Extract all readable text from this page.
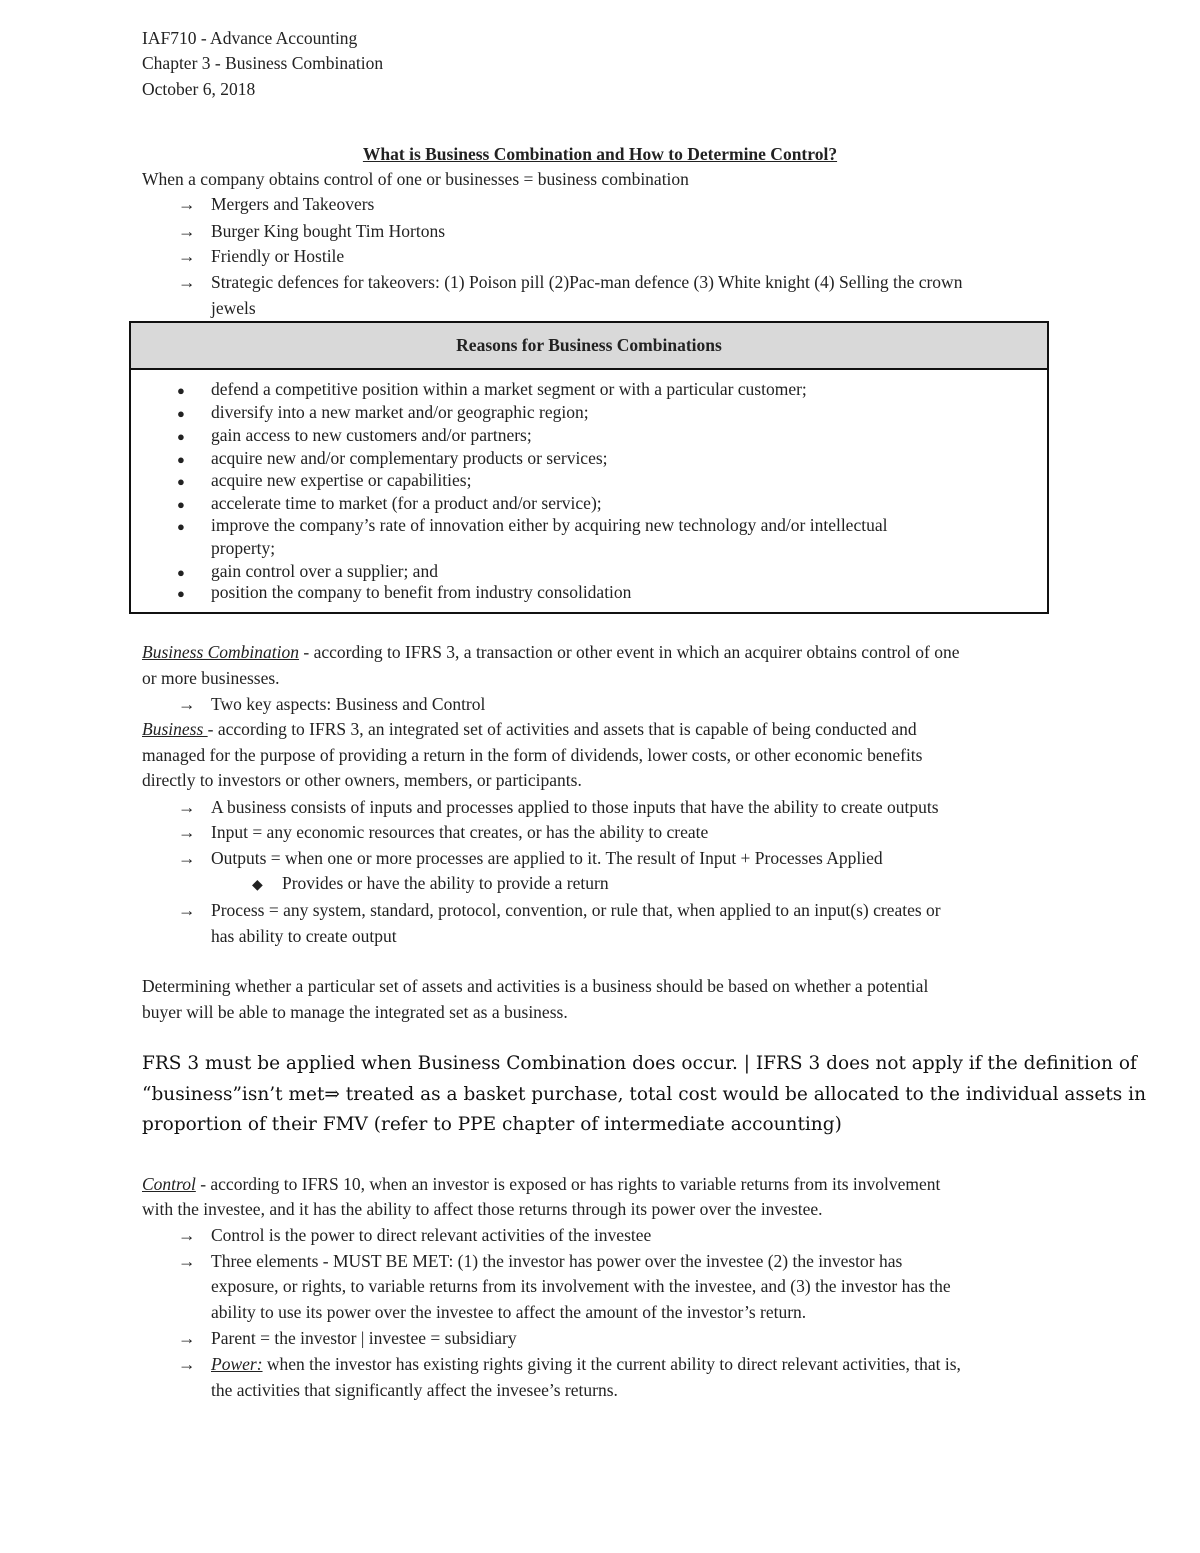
IAF710 - Advance Accounting
Chapter 3 - Business Combination
October 6, 2018
What is Business Combination and How to Determine Control?
When a company obtains control of one or businesses = business combination
→ Mergers and Takeovers
→ Burger King bought Tim Hortons
→ Friendly or Hostile
→ Strategic defences for takeovers: (1) Poison pill (2)Pac-man defence (3) White knight (4) Selling the crown
jewels
Reasons for Business Combinations
● defend a competitive position within a market segment or with a particular customer;
● diversify into a new market and/or geographic region;
● gain access to new customers and/or partners;
● acquire new and/or complementary products or services;
● acquire new expertise or capabilities;
● accelerate time to market (for a product and/or service);
● improve the company’s rate of innovation either by acquiring new technology and/or intellectual
property;
● gain control over a supplier; and
● position the company to benefit from industry consolidation
Business Combination - according to IFRS 3, a transaction or other event in which an acquirer obtains control of one
or more businesses.
→ Two key aspects: Business and Control
Business - according to IFRS 3, an integrated set of activities and assets that is capable of being conducted and
managed for the purpose of providing a return in the form of dividends, lower costs, or other economic benefits
directly to investors or other owners, members, or participants.
→ A business consists of inputs and processes applied to those inputs that have the ability to create outputs
→ Input = any economic resources that creates, or has the ability to create
→ Outputs = when one or more processes are applied to it. The result of Input + Processes Applied
◆ Provides or have the ability to provide a return
→ Process = any system, standard, protocol, convention, or rule that, when applied to an input(s) creates or
has ability to create output
Determining whether a particular set of assets and activities is a business should be based on whether a potential
buyer will be able to manage the integrated set as a business.
FRS 3 must be applied when Business Combination does occur. | IFRS 3 does not apply if the definition of
“business”isn’t met⇒ treated as a basket purchase, total cost would be allocated to the individual assets in
proportion of their FMV (refer to PPE chapter of intermediate accounting)
Control - according to IFRS 10, when an investor is exposed or has rights to variable returns from its involvement
with the investee, and it has the ability to affect those returns through its power over the investee.
→ Control is the power to direct relevant activities of the investee
→ Three elements - MUST BE MET: (1) the investor has power over the investee (2) the investor has
exposure, or rights, to variable returns from its involvement with the investee, and (3) the investor has the
ability to use its power over the investee to affect the amount of the investor’s return.
→ Parent = the investor | investee = subsidiary
→ Power: when the investor has existing rights giving it the current ability to direct relevant activities, that is,
the activities that significantly affect the invesee’s returns.
